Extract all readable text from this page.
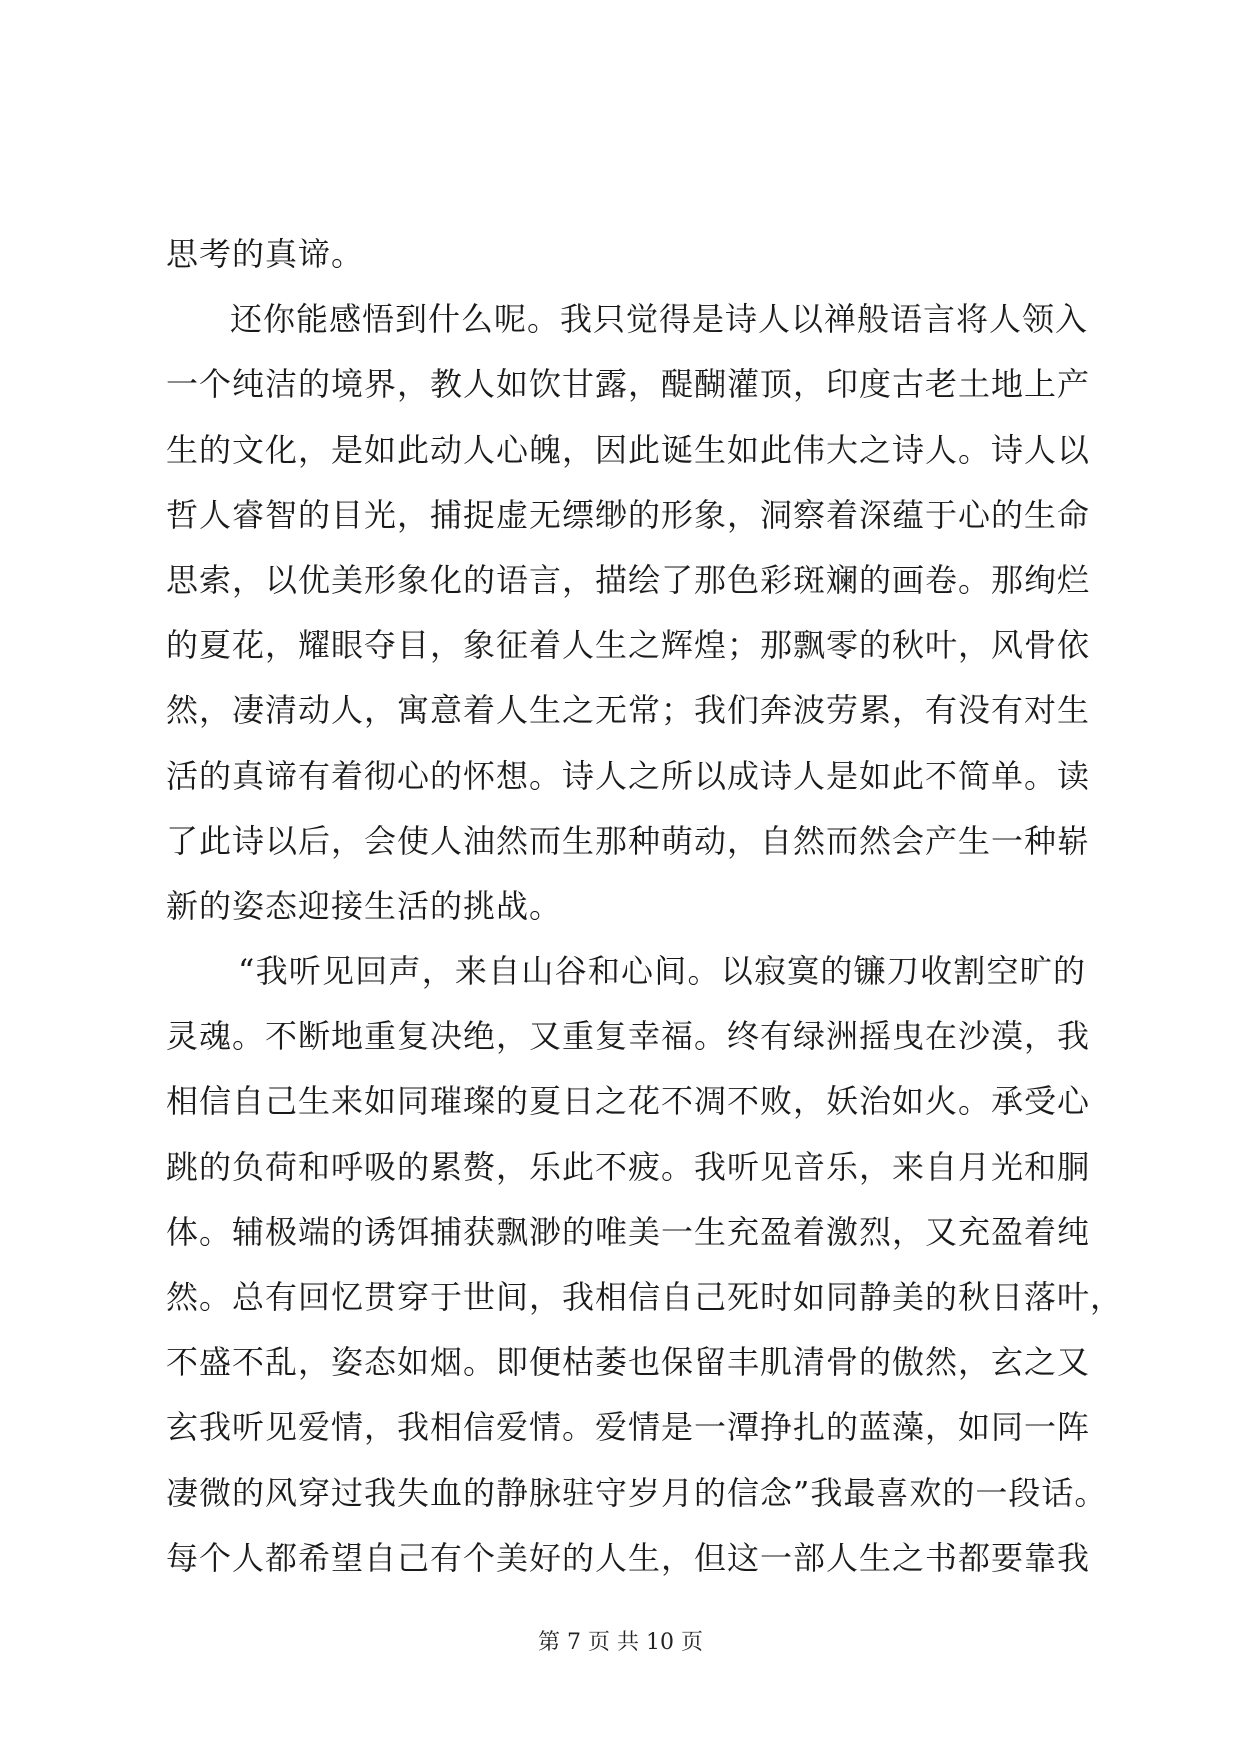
思考的真谛。
还你能感悟到什么呢。我只觉得是诗人以禅般语言将人领入
一个纯洁的境界，教人如饮甘露，醍醐灌顶，印度古老土地上产
生的文化，是如此动人心魄，因此诞生如此伟大之诗人。诗人以
哲人睿智的目光，捕捉虚无缥缈的形象，洞察着深蕴于心的生命
思索，以优美形象化的语言，描绘了那色彩斑斓的画卷。那绚烂
的夏花，耀眼夺目，象征着人生之辉煌；那飘零的秋叶，风骨依
然，凄清动人，寓意着人生之无常；我们奔波劳累，有没有对生
活的真谛有着彻心的怀想。诗人之所以成诗人是如此不简单。读
了此诗以后，会使人油然而生那种萌动，自然而然会产生一种崭
新的姿态迎接生活的挑战。
“我听见回声，来自山谷和心间。以寂寞的镰刀收割空旷的
灵魂。不断地重复决绝，又重复幸福。终有绿洲摇曳在沙漠，我
相信自己生来如同璀璨的夏日之花不凋不败，妖治如火。承受心
跳的负荷和呼吸的累赘，乐此不疲。我听见音乐，来自月光和胴
体。辅极端的诱饵捕获飘渺的唯美一生充盈着激烈，又充盈着纯
然。总有回忆贯穿于世间，我相信自己死时如同静美的秋日落叶，
不盛不乱，姿态如烟。即便枯萎也保留丰肌清骨的傲然，玄之又
玄我听见爱情，我相信爱情。爱情是一潭挣扎的蓝藻，如同一阵
凄微的风穿过我失血的静脉驻守岁月的信念”我最喜欢的一段话。
每个人都希望自己有个美好的人生，但这一部人生之书都要靠我
第 7 页 共 10 页
